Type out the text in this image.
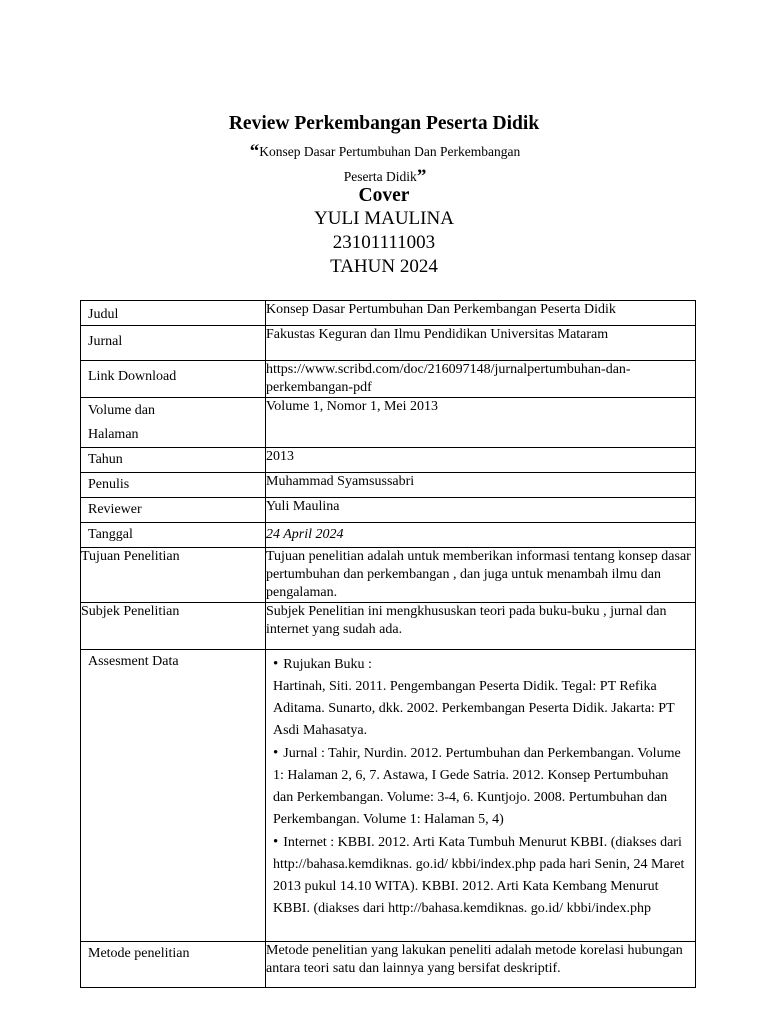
Review Perkembangan Peserta Didik
“Konsep Dasar Pertumbuhan Dan Perkembangan Peserta Didik”
Cover
YULI MAULINA
23101111003
TAHUN 2024
Judul	Konsep Dasar Pertumbuhan Dan Perkembangan Peserta Didik
Jurnal	Fakustas Keguran dan Ilmu Pendidikan Universitas Mataram
Link Download	https://www.scribd.com/doc/216097148/jurnalpertumbuhan-dan-
perkembangan-pdf
Volume dan
Halaman	Volume 1, Nomor 1, Mei 2013
Tahun	2013
Penulis	Muhammad Syamsussabri
Reviewer	Yuli Maulina
Tanggal	24 April 2024
Tujuan Penelitian	Tujuan penelitian adalah untuk memberikan informasi tentang konsep dasar pertumbuhan dan perkembangan , dan juga untuk menambah ilmu dan pengalaman.
Subjek Penelitian	Subjek Penelitian ini mengkhususkan teori pada buku-buku , jurnal dan internet yang sudah ada.
Assesment Data	• Rujukan Buku :
Hartinah, Siti. 2011. Pengembangan Peserta Didik. Tegal: PT Refika Aditama. Sunarto, dkk. 2002. Perkembangan Peserta Didik. Jakarta: PT Asdi Mahasatya.
• Jurnal : Tahir, Nurdin. 2012. Pertumbuhan dan Perkembangan. Volume 1: Halaman 2, 6, 7. Astawa, I Gede Satria. 2012. Konsep Pertumbuhan dan Perkembangan. Volume: 3-4, 6. Kuntjojo. 2008. Pertumbuhan dan Perkembangan. Volume 1: Halaman 5, 4)
• Internet : KBBI. 2012. Arti Kata Tumbuh Menurut KBBI. (diakses dari http://bahasa.kemdiknas. go.id/ kbbi/index.php pada hari Senin, 24 Maret 2013 pukul 14.10 WITA). KBBI. 2012. Arti Kata Kembang Menurut KBBI. (diakses dari http://bahasa.kemdiknas. go.id/ kbbi/index.php

Metode penelitian	Metode penelitian yang lakukan peneliti adalah metode korelasi hubungan antara teori satu dan lainnya yang bersifat deskriptif.
